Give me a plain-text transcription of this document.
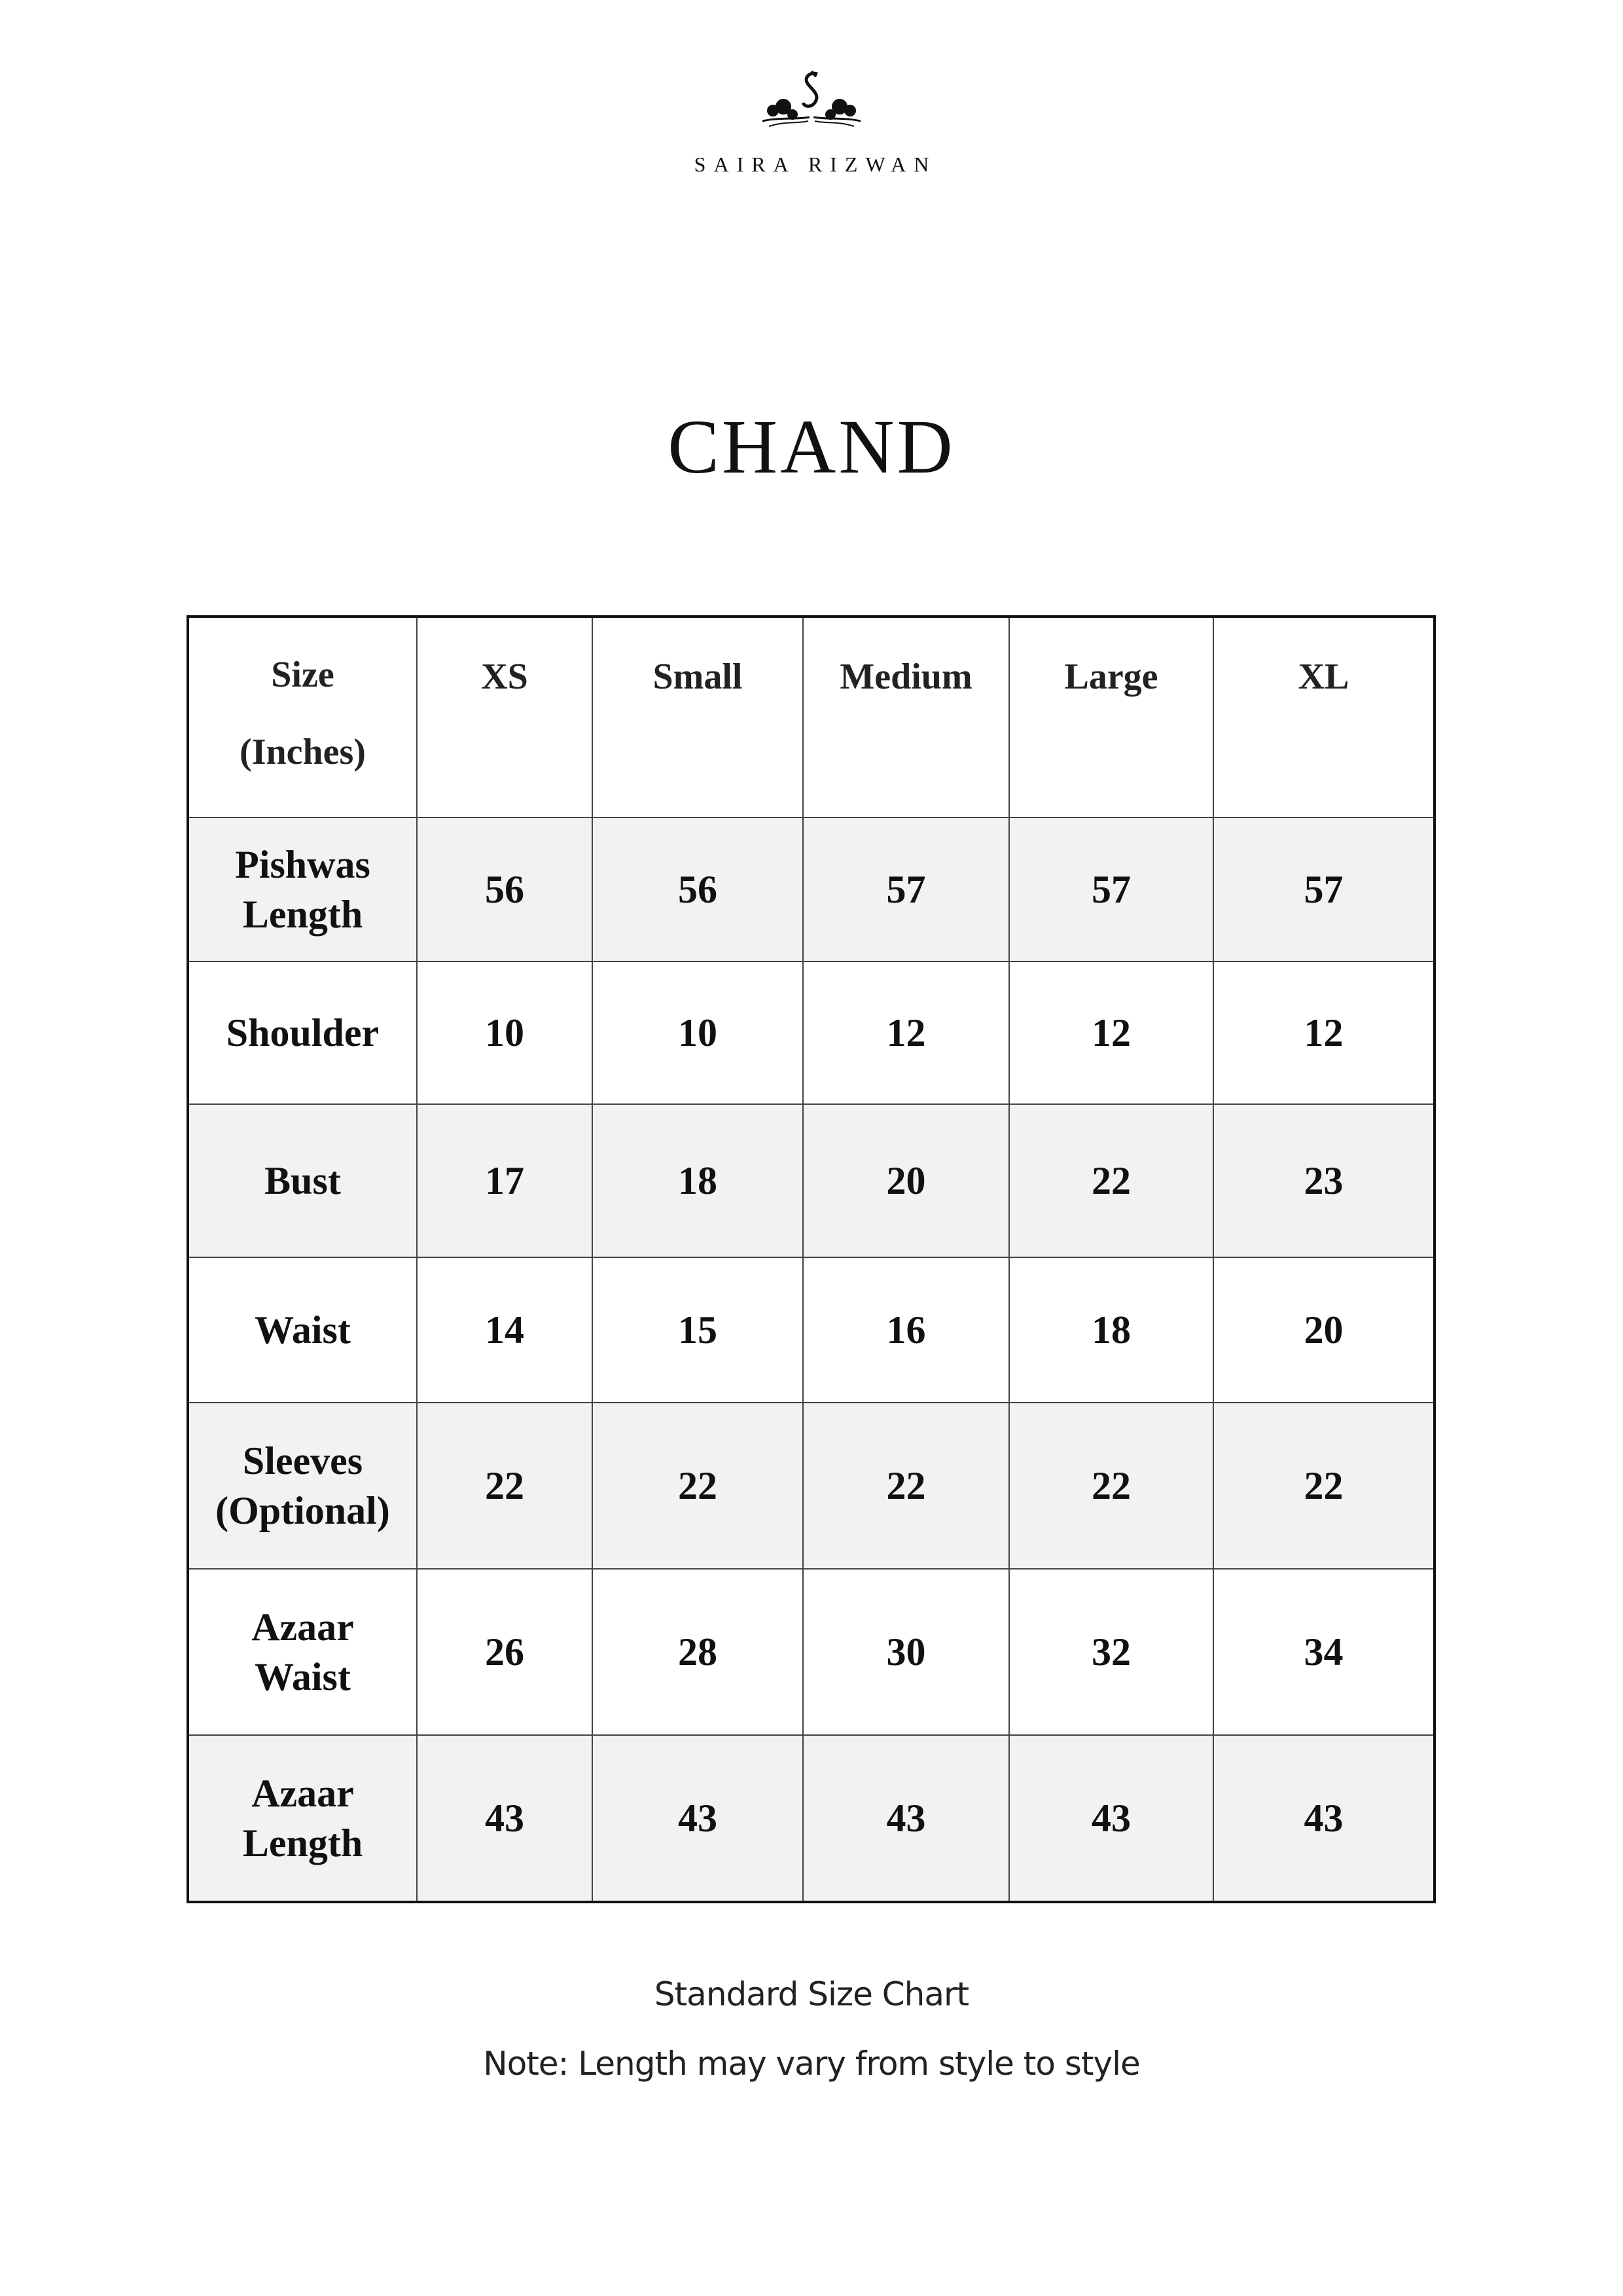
SAIRA RIZWAN
CHAND
Size
(Inches)	XS	Small	Medium	Large	XL
Pishwas
Length	56	56	57	57	57
Shoulder	10	10	12	12	12
Bust	17	18	20	22	23
Waist	14	15	16	18	20
Sleeves
(Optional)	22	22	22	22	22
Azaar
Waist	26	28	30	32	34
Azaar
Length	43	43	43	43	43
Standard Size Chart
Note: Length may vary from style to style
